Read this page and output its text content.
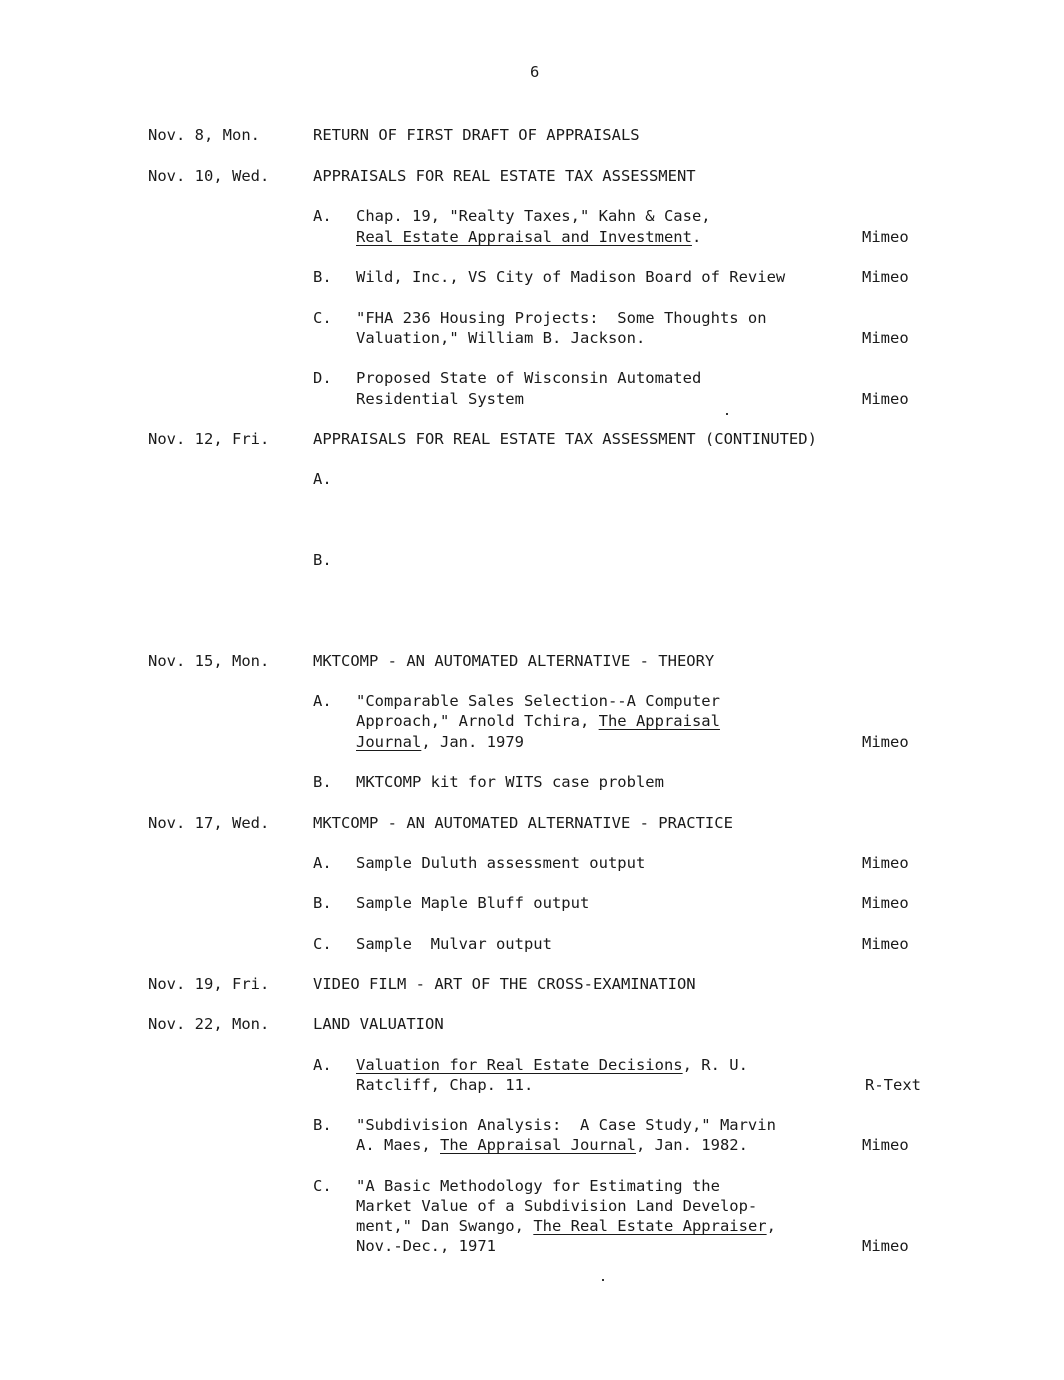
6
Nov. 8, Mon.	RETURN OF FIRST DRAFT OF APPRAISALS
Nov. 10, Wed.	APPRAISALS FOR REAL ESTATE TAX ASSESSMENT
A. Chap. 19, "Realty Taxes," Kahn & Case,
Real Estate Appraisal and Investment.	Mimeo
B. Wild, Inc., VS City of Madison Board of Review	Mimeo
C. "FHA 236 Housing Projects:  Some Thoughts on
Valuation," William B. Jackson.	Mimeo
D. Proposed State of Wisconsin Automated
Residential System	Mimeo
Nov. 12, Fri.	APPRAISALS FOR REAL ESTATE TAX ASSESSMENT (CONTINUTED)
A.
B.
Nov. 15, Mon.	MKTCOMP - AN AUTOMATED ALTERNATIVE - THEORY
A. "Comparable Sales Selection--A Computer
Approach," Arnold Tchira, The Appraisal
Journal, Jan. 1979	Mimeo
B. MKTCOMP kit for WITS case problem
Nov. 17, Wed.	MKTCOMP - AN AUTOMATED ALTERNATIVE - PRACTICE
A. Sample Duluth assessment output	Mimeo
B. Sample Maple Bluff output	Mimeo
C. Sample  Mulvar output	Mimeo
Nov. 19, Fri.	VIDEO FILM - ART OF THE CROSS-EXAMINATION
Nov. 22, Mon.	LAND VALUATION
A. Valuation for Real Estate Decisions, R. U.
Ratcliff, Chap. 11.	R-Text
B. "Subdivision Analysis:  A Case Study," Marvin
A. Maes, The Appraisal Journal, Jan. 1982.	Mimeo
C. "A Basic Methodology for Estimating the
Market Value of a Subdivision Land Develop-
ment," Dan Swango, The Real Estate Appraiser,
Nov.-Dec., 1971	Mimeo
